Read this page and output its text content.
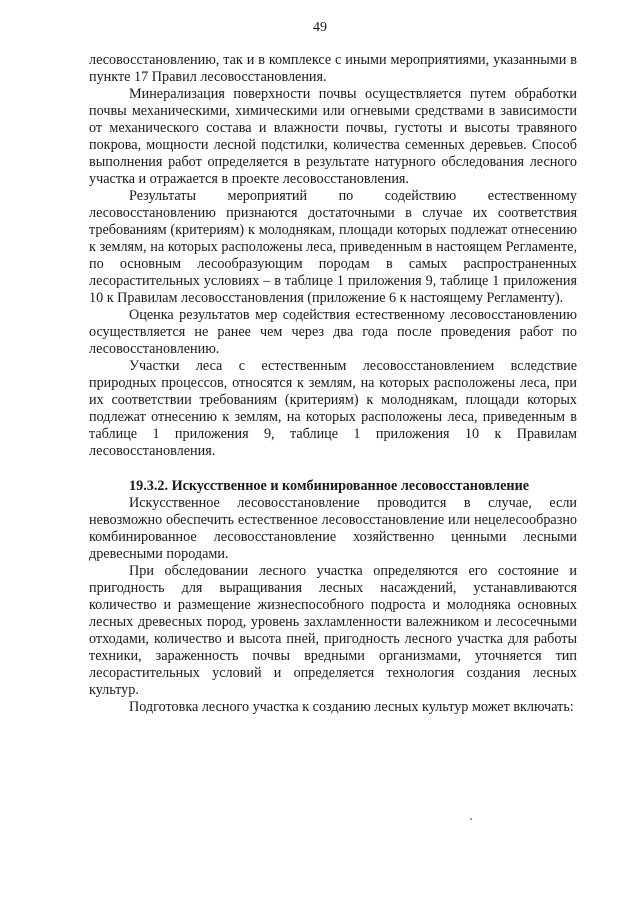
49

лесовосстановлению, так и в комплексе с иными мероприятиями, указанными в пункте 17 Правил лесовосстановления.

Минерализация поверхности почвы осуществляется путем обработки почвы механическими, химическими или огневыми средствами в зависимости от механического состава и влажности почвы, густоты и высоты травяного покрова, мощности лесной подстилки, количества семенных деревьев. Способ выполнения работ определяется в результате натурного обследования лесного участка и отражается в проекте лесовосстановления.

Результаты мероприятий по содействию естественному лесовосстановлению признаются достаточными в случае их соответствия требованиям (критериям) к молоднякам, площади которых подлежат отнесению к землям, на которых расположены леса, приведенным в настоящем Регламенте, по основным лесообразующим породам в самых распространенных лесорастительных условиях – в таблице 1 приложения 9, таблице 1 приложения 10 к Правилам лесовосстановления (приложение 6 к настоящему Регламенту).

Оценка результатов мер содействия естественному лесовосстановлению осуществляется не ранее чем через два года после проведения работ по лесовосстановлению.

Участки леса с естественным лесовосстановлением вследствие природных процессов, относятся к землям, на которых расположены леса, при их соответствии требованиям (критериям) к молоднякам, площади которых подлежат отнесению к землям, на которых расположены леса, приведенным в таблице 1 приложения 9, таблице 1 приложения 10 к Правилам лесовосстановления.

19.3.2. Искусственное и комбинированное лесовосстановление

Искусственное лесовосстановление проводится в случае, если невозможно обеспечить естественное лесовосстановление или нецелесообразно комбинированное лесовосстановление хозяйственно ценными лесными древесными породами.

При обследовании лесного участка определяются его состояние и пригодность для выращивания лесных насаждений, устанавливаются количество и размещение жизнеспособного подроста и молодняка основных лесных древесных пород, уровень захламленности валежником и лесосечными отходами, количество и высота пней, пригодность лесного участка для работы техники, зараженность почвы вредными организмами, уточняется тип лесорастительных условий и определяется технология создания лесных культур.

Подготовка лесного участка к созданию лесных культур может включать:
